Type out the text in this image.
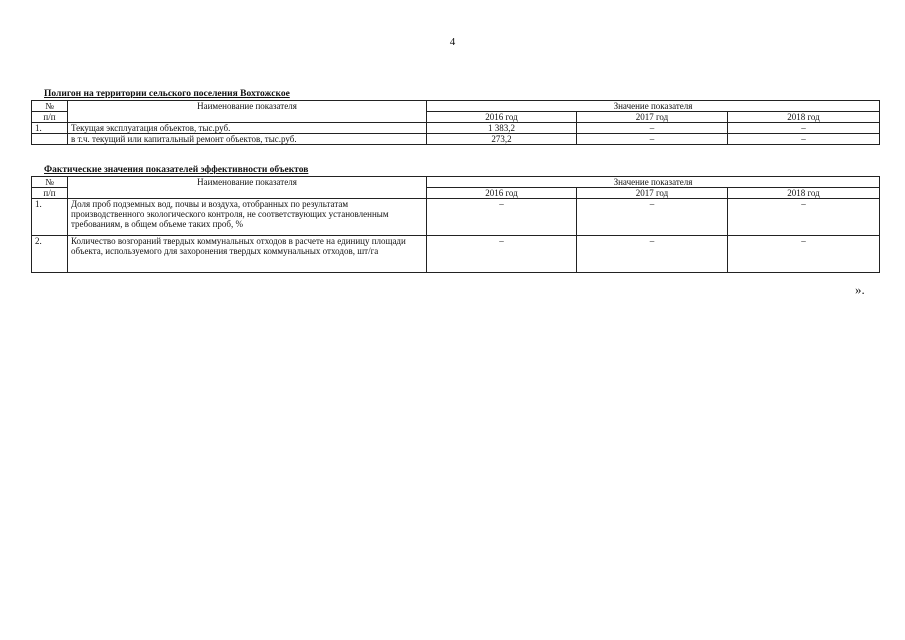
4
Полигон на территории сельского поселения Вохтожское
№	Наименование показателя	Значение показателя		
п/п		2016 год	2017 год	2018 год
1.	Текущая эксплуатация объектов, тыс.руб.	1 383,2	–	–
	в т.ч. текущий или капитальный ремонт объектов, тыс.руб.	273,2	–	–
Фактические значения показателей эффективности объектов
№	Наименование показателя	Значение показателя		
п/п		2016 год	2017 год	2018 год
1.	Доля проб подземных вод, почвы и воздуха, отобранных по результатам производственного экологического контроля, не соответствующих установленным требованиям, в общем объеме таких проб, %	–	–	–
2.	Количество возгораний твердых коммунальных отходов в расчете на единицу площади объекта, используемого для захоронения твердых коммунальных отходов, шт/га	–	–	–
».
